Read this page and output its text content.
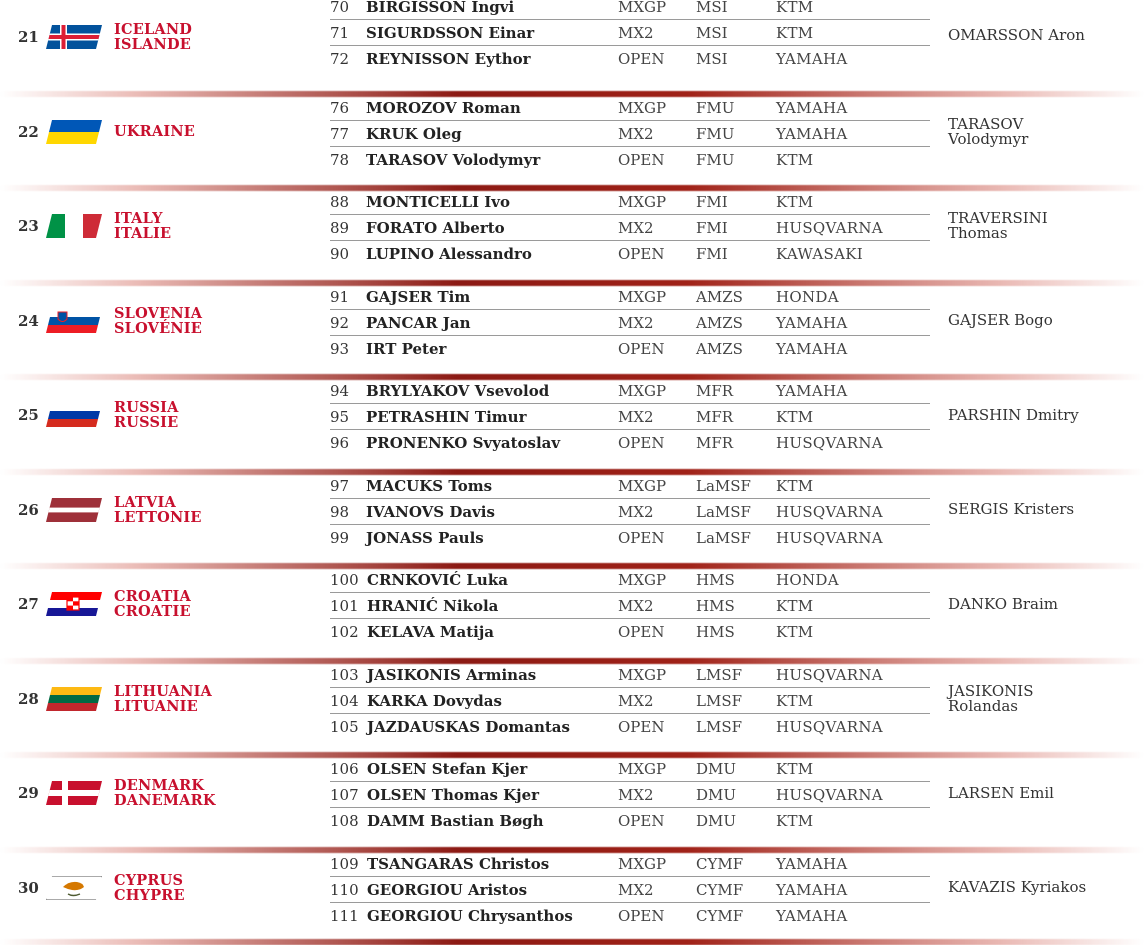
21	ICELAND
ISLANDE
70 BIRGISSON Ingvi	MXGP MSI	KTM
71 SIGURDSSON Einar	MX2	MSI	KTM
72 REYNISSON Eythor	OPEN MSI	YAMAHA
OMARSSON Aron
22	UKRAINE
76 MOROZOV Roman	MXGP FMU	YAMAHA
77 KRUK Oleg	MX2	FMU	YAMAHA
78 TARASOV Volodymyr	OPEN FMU	KTM
TARASOV
Volodymyr
23	ITALY
ITALIE
88 MONTICELLI Ivo	MXGP FMI	KTM
89 FORATO Alberto	MX2	FMI	HUSQVARNA
90 LUPINO Alessandro	OPEN FMI	KAWASAKI
TRAVERSINI
Thomas
24	SLOVENIA
SLOVÉNIE
91 GAJSER Tim	MXGP AMZS HONDA
92 PANCAR Jan	MX2	AMZS YAMAHA
93 IRT Peter	OPEN AMZS YAMAHA
GAJSER Bogo
25	RUSSIA
RUSSIE
94 BRYLYAKOV Vsevolod	MXGP MFR	YAMAHA
95 PETRASHIN Timur	MX2	MFR	KTM
96 PRONENKO Svyatoslav	OPEN MFR	HUSQVARNA
PARSHIN Dmitry
26	LATVIA
LETTONIE
97 MACUKS Toms	MXGP LaMSF KTM
98 IVANOVS Davis	MX2	LaMSF HUSQVARNA
99 JONASS Pauls	OPEN LaMSF HUSQVARNA
SERGIS Kristers
27	CROATIA
CROATIE
100 CRNKOVIĆ Luka	MXGP HMS	HONDA
101 HRANIĆ Nikola	MX2	HMS	KTM
102 KELAVA Matija	OPEN HMS	KTM
DANKO Braim
28	LITHUANIA
LITUANIE
103 JASIKONIS Arminas	MXGP LMSF HUSQVARNA
104 KARKA Dovydas	MX2	LMSF KTM
105 JAZDAUSKAS Domantas	OPEN LMSF HUSQVARNA
JASIKONIS
Rolandas
29	DENMARK
DANEMARK
106 OLSEN Stefan Kjer	MXGP DMU	KTM
107 OLSEN Thomas Kjer	MX2	DMU	HUSQVARNA
108 DAMM Bastian Bøgh	OPEN DMU	KTM
LARSEN Emil
30	CYPRUS
CHYPRE
109 TSANGARAS Christos	MXGP CYMF YAMAHA
110 GEORGIOU Aristos	MX2	CYMF YAMAHA
111 GEORGIOU Chrysanthos	OPEN CYMF YAMAHA
KAVAZIS Kyriakos
